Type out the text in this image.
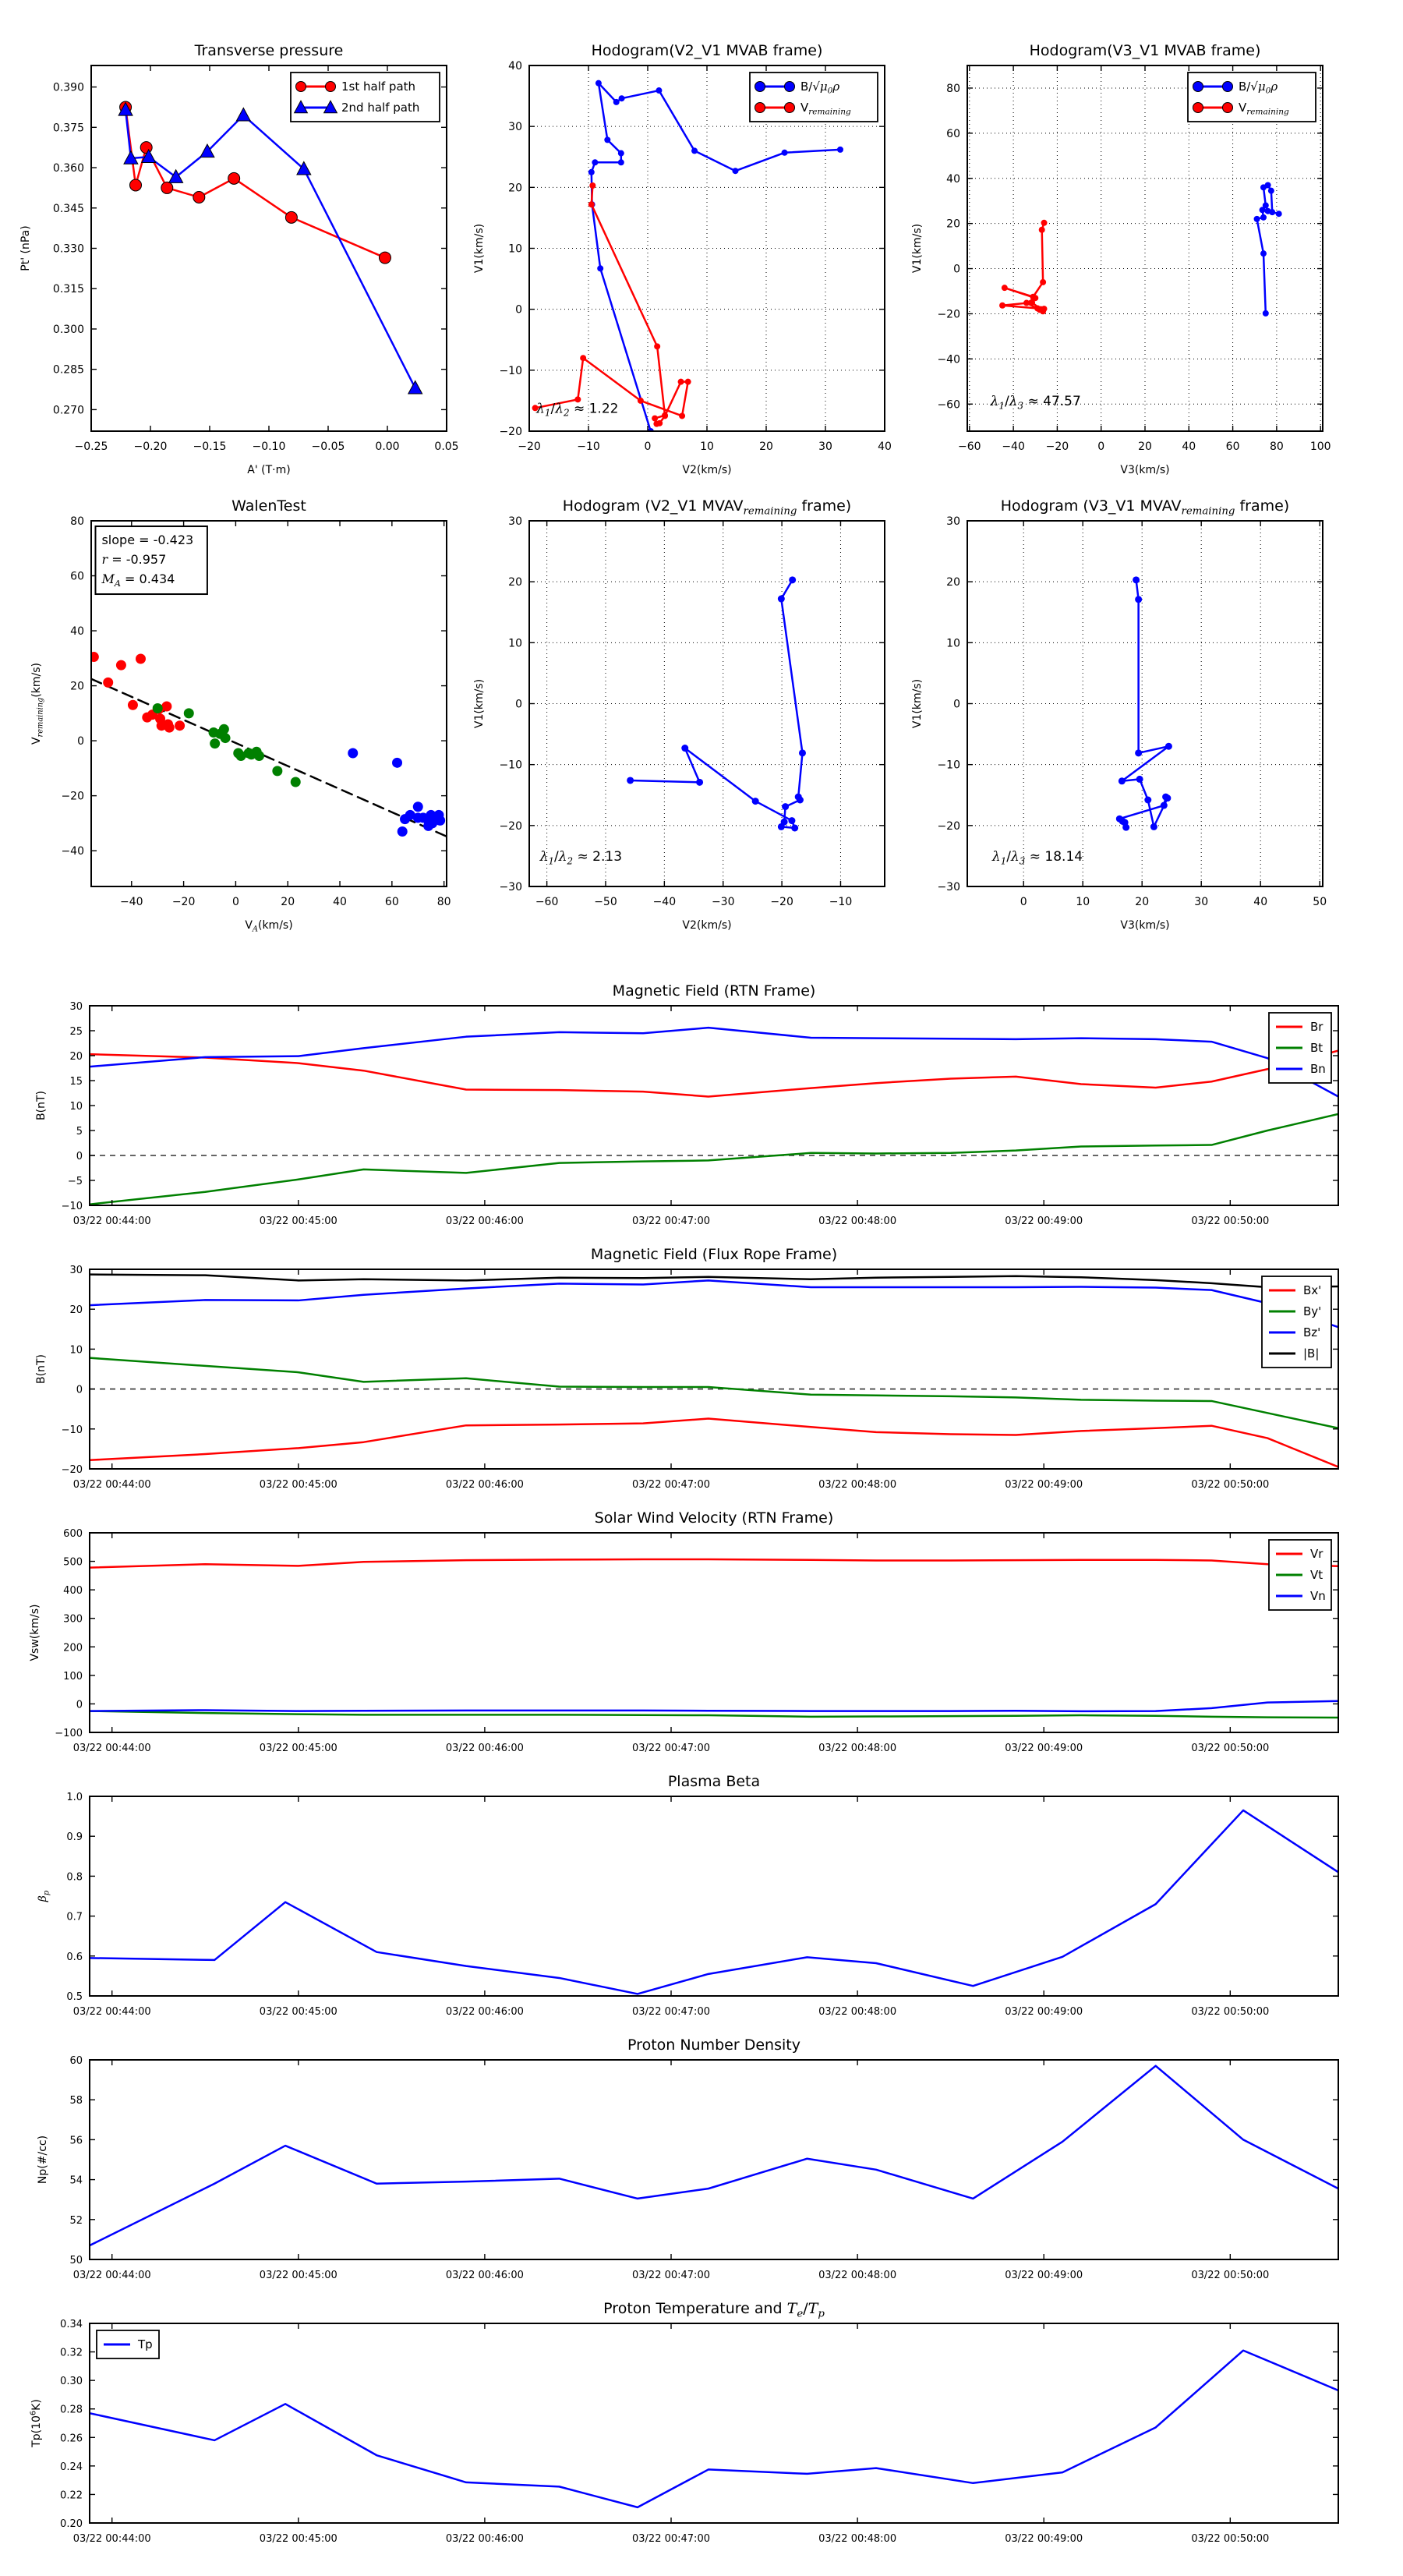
−0.25 −0.20 −0.15 −0.10 −0.05	0.00	0.05
0.270
0.285
0.300
0.315
0.330
0.345
0.360
0.375
0.390
Transverse pressure
A' (T·m)
Pt' (nPa)
1st half path
2nd half path
−20	−10	0	10	20	30	40
−20
−10
0
10
20
30
40
Hodogram(V2_V1 MVAB frame)
V2(km/s)
V1(km/s)
$\lambda_1/\lambda_2 \approx 1.22$
$B/√\mu_0\rho$
$V_{remaining}$
−60 −40 −20	0	20	40	60	80 100
−60
−40
−20
0
20
40
60
80
Hodogram(V3_V1 MVAB frame)
V3(km/s)
V1(km/s)
$\lambda_1/\lambda_3 \approx 47.57$
$B/√\mu_0\rho$
$V_{remaining}$
−40	−20	0	20	40	60	80
−40
−20
0
20
40
60
80
WalenTest
$V_A(km/s)$
$V_{remaining}(km/s)$
slope = -0.423
r = -0.957
$M_A = 0.434$
−60	−50	−40	−30	−20	−10
−30
−20
−10
0
10
20
30
Hodogram (V2_V1 $MVAV_{remaining}$ frame)
V2(km/s)
V1(km/s)
$\lambda_1/\lambda_2 \approx 2.13$
0	10	20	30	40	50
−30
−20
−10
0
10
20
30
Hodogram (V3_V1 $MVAV_{remaining}$ frame)
V3(km/s)
V1(km/s)
$\lambda_1/\lambda_3 \approx 18.14$
03/22 00:44:00	03/22 00:45:00	03/22 00:46:00	03/22 00:47:00	03/22 00:48:00	03/22 00:49:00	03/22 00:50:00
−10
−5
0
5
10
15
20
25
30
Magnetic Field (RTN Frame)
B(nT)
Br
Bt
Bn
03/22 00:44:00	03/22 00:45:00	03/22 00:46:00	03/22 00:47:00	03/22 00:48:00	03/22 00:49:00	03/22 00:50:00
−20
−10
0
10
20
30
Magnetic Field (Flux Rope Frame)
B(nT)
Bx'
By'
Bz'
|B|
03/22 00:44:00	03/22 00:45:00	03/22 00:46:00	03/22 00:47:00	03/22 00:48:00	03/22 00:49:00	03/22 00:50:00
−100
0
100
200
300
400
500
600
Solar Wind Velocity (RTN Frame)
Vsw(km/s)
Vr
Vt
Vn
03/22 00:44:00	03/22 00:45:00	03/22 00:46:00	03/22 00:47:00	03/22 00:48:00	03/22 00:49:00	03/22 00:50:00
0.5
0.6
0.7
0.8
0.9
1.0
Plasma Beta
$\beta_p$
03/22 00:44:00	03/22 00:45:00	03/22 00:46:00	03/22 00:47:00	03/22 00:48:00	03/22 00:49:00	03/22 00:50:00
50
52
54
56
58
60
Proton Number Density
Np(#/cc)
03/22 00:44:00	03/22 00:45:00	03/22 00:46:00	03/22 00:47:00	03/22 00:48:00	03/22 00:49:00	03/22 00:50:00
0.20
0.22
0.24
0.26
0.28
0.30
0.32
0.34
Proton Temperature and $T_e/T_p$
$Tp(10^6K)$
Tp
